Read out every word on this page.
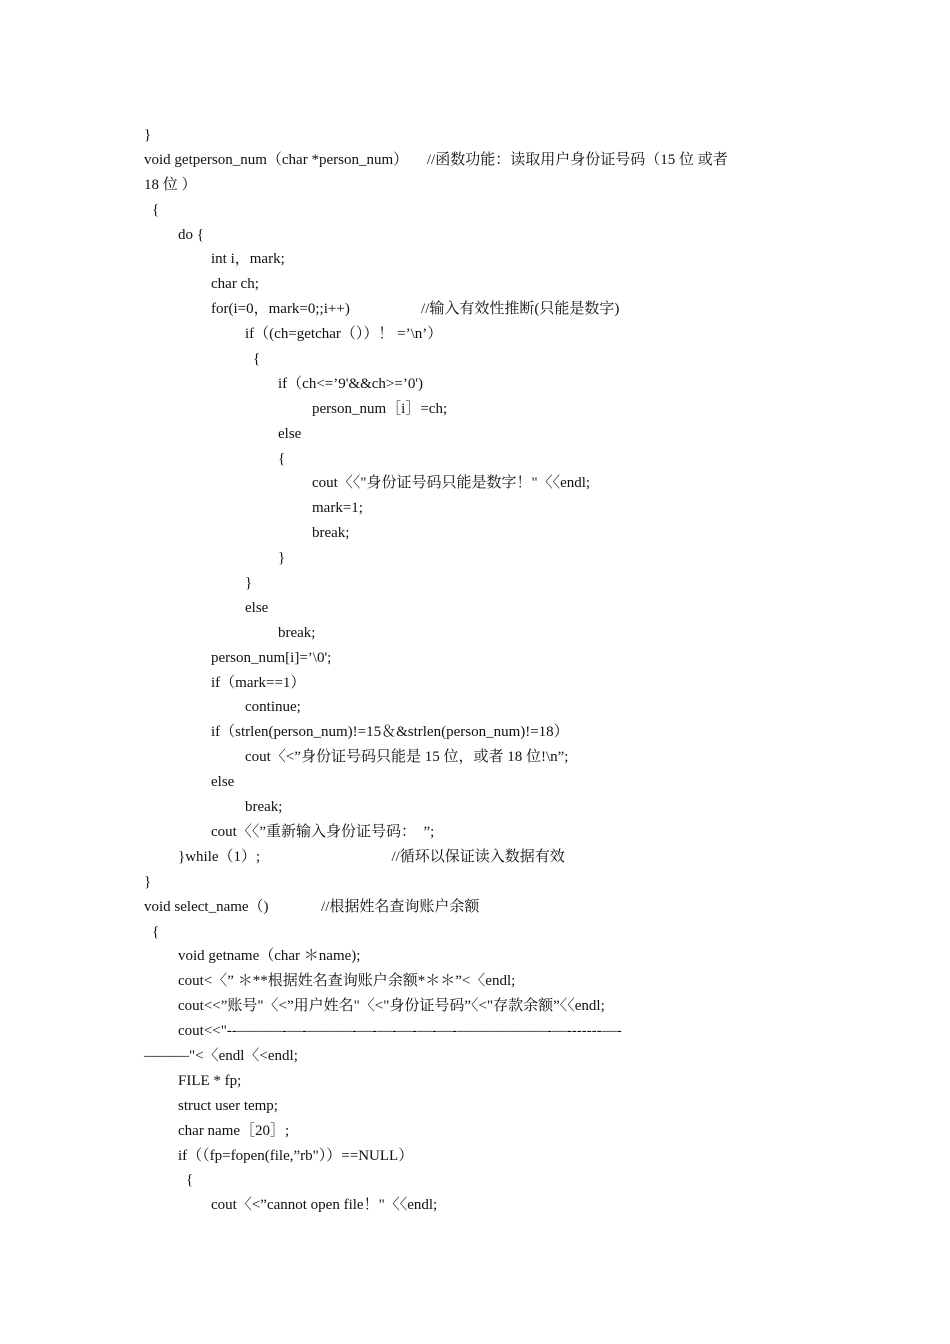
}
void getperson_num（char *person_num）     //函数功能：读取用户身份证号码（15 位 或者
18 位 ）
{
do {
int i，mark;
char ch;
for(i=0，mark=0;;i++)                   //输入有效性推断(只能是数字)
if（(ch=getchar（））！ =’\n’）
{
if（ch<=’9'&&ch>=’0')
person_num［i］=ch;
else
{
cout〈〈"身份证号码只能是数字！"〈〈endl;
mark=1;
break;
}
}
else
break;
person_num[i]=’\0';
if（mark==1）
continue;
if（strlen(person_num)!=15＆&strlen(person_num)!=18）
cout〈<”身份证号码只能是 15 位，或者 18 位!\n”;
else
break;
cout〈〈”重新输入身份证号码：  ”;
}while（1）;                                   //循环以保证读入数据有效
}
void select_name（)              //根据姓名查询账户余额
{
void getname（char ＊name);
cout<〈” ＊**根据姓名查询账户余额*＊＊”<〈endl;
cout<<”账号"〈<”用户姓名"〈<"身份证号码”〈<"存款余额”〈〈endl;
cout<<"--———-—-———-—-—-—-—-—-——————-—-------—-
———"<〈endl〈<endl;
FILE * fp;
struct user temp;
char name［20］;
if（（fp=fopen(file,”rb"））==NULL）
{
cout〈<”cannot open file！"〈〈endl;
